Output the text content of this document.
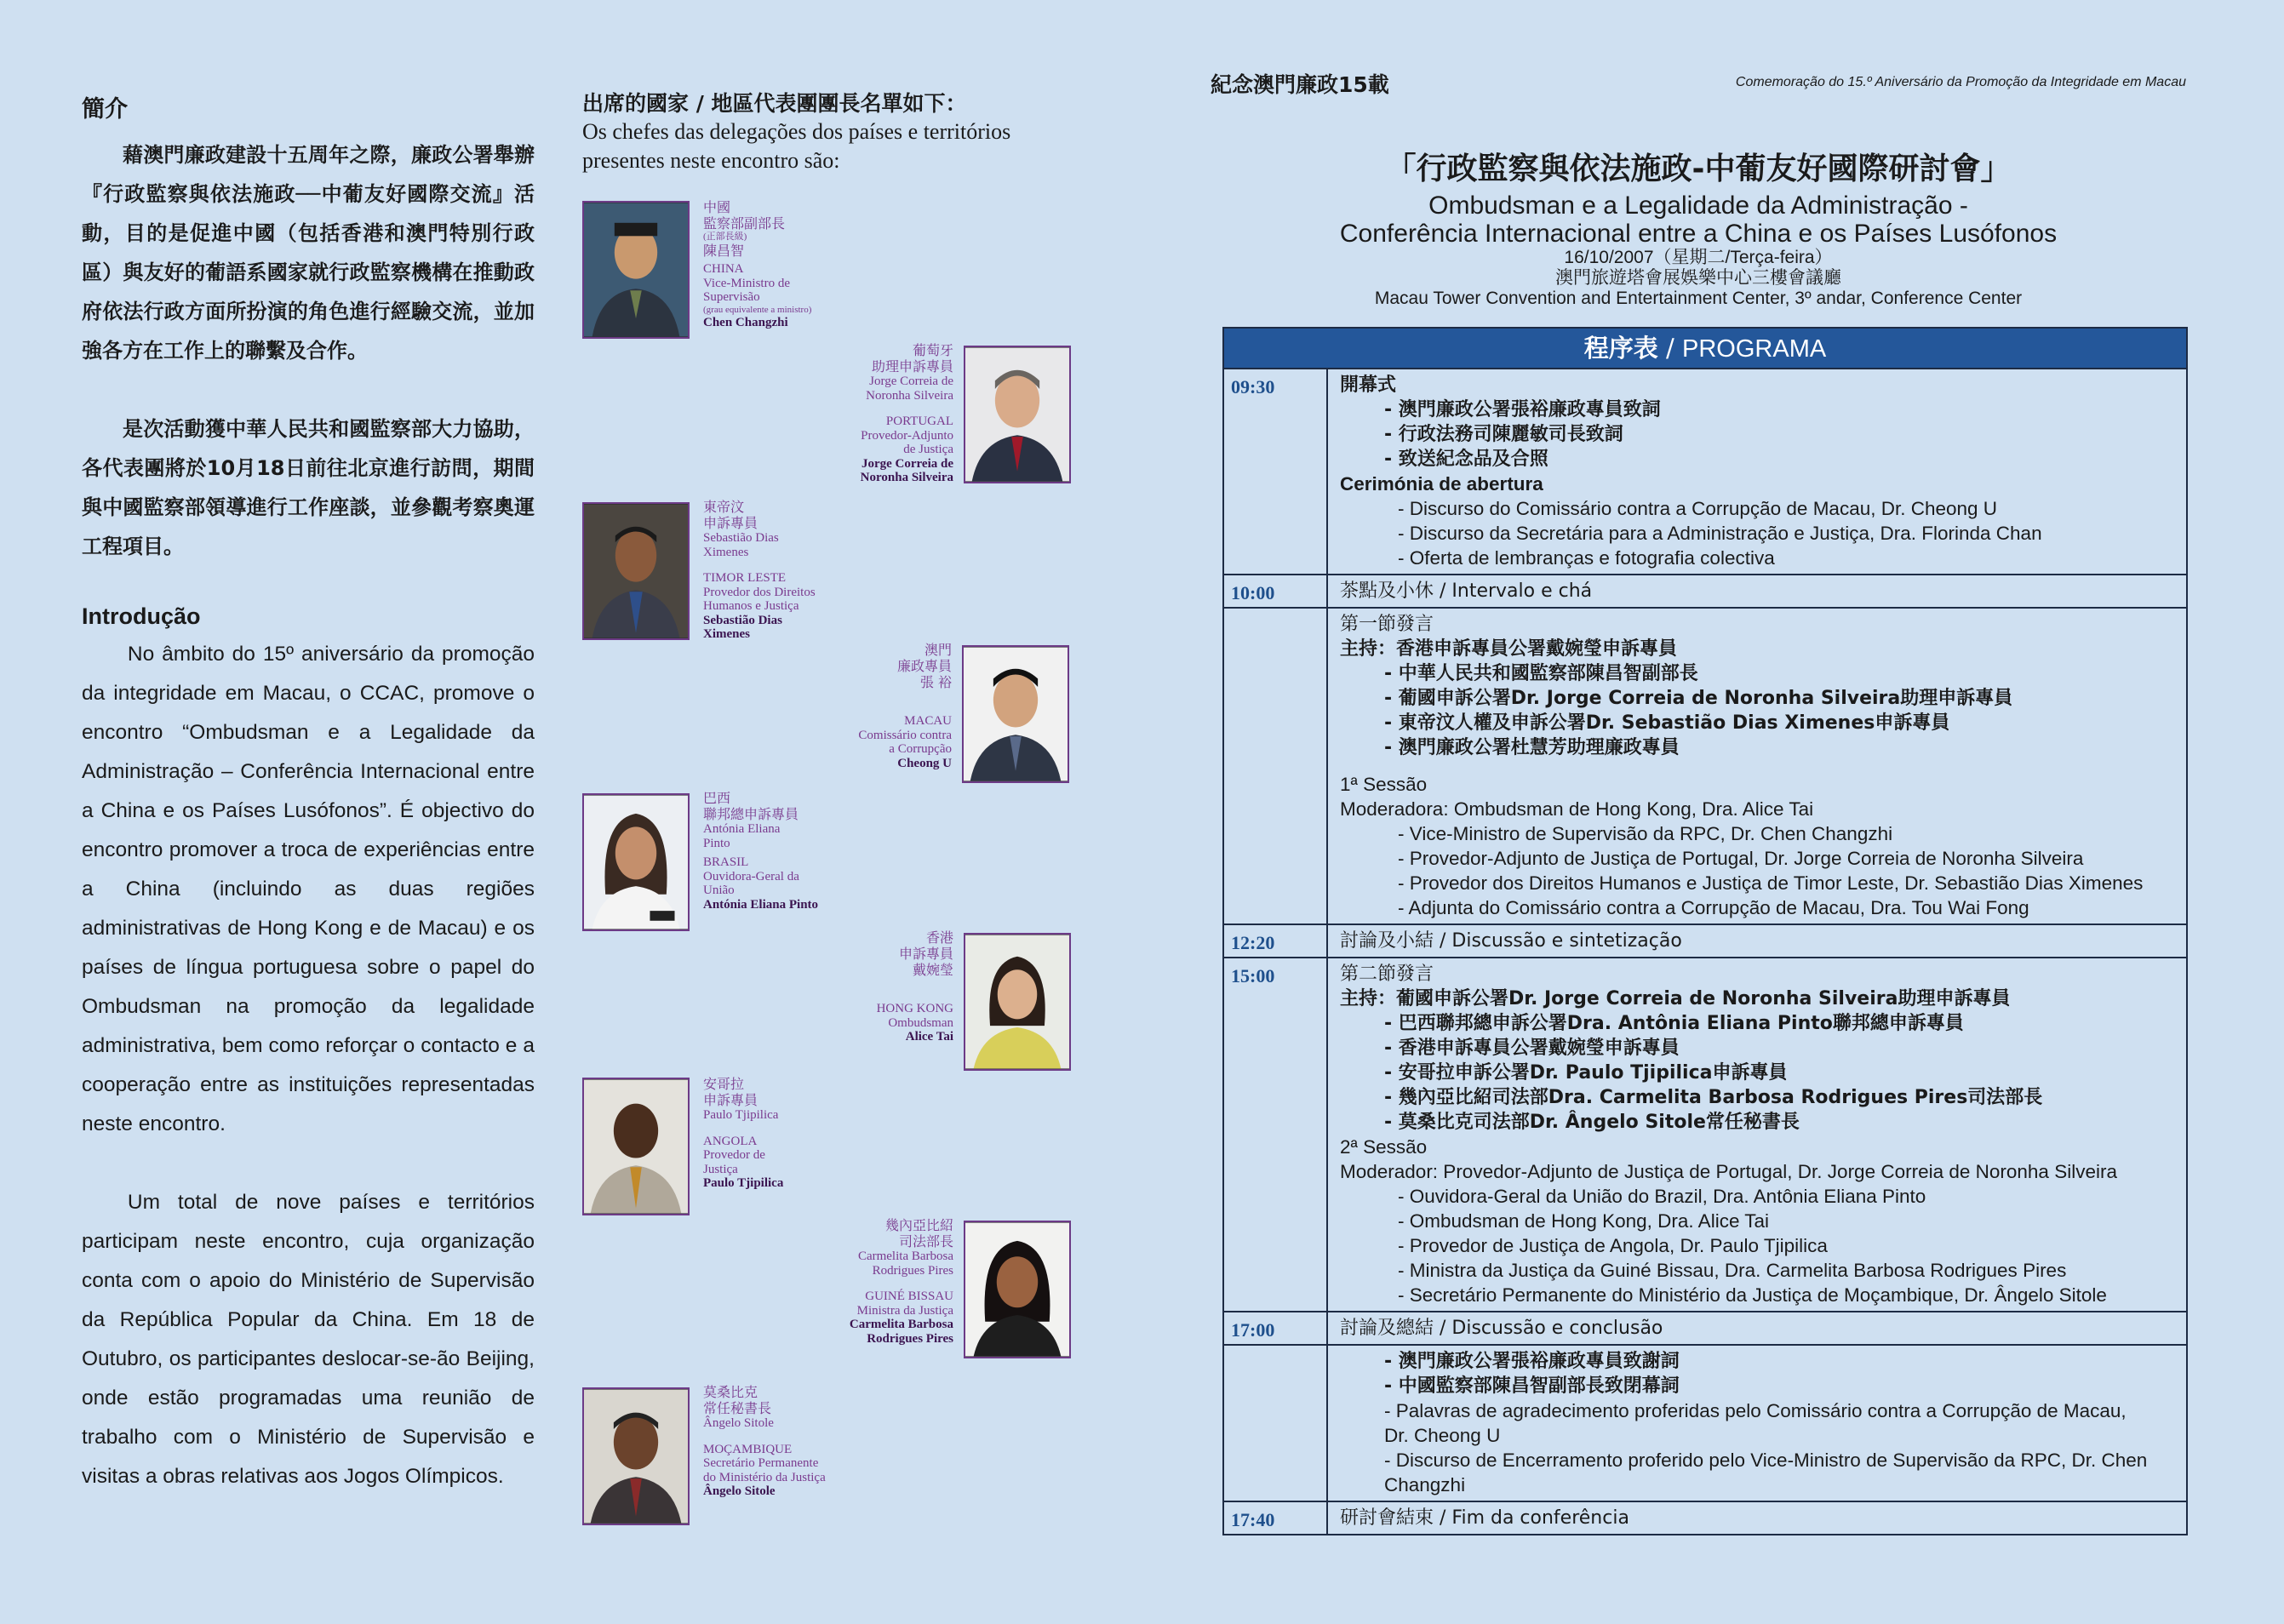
簡介

藉澳門廉政建設十五周年之際，廉政公署舉辦『行政監察與依法施政──中葡友好國際交流』活動，目的是促進中國（包括香港和澳門特別行政區）與友好的葡語系國家就行政監察機構在推動政府依法行政方面所扮演的角色進行經驗交流，並加強各方在工作上的聯繫及合作。

是次活動獲中華人民共和國監察部大力協助，各代表團將於10月18日前往北京進行訪問，期間與中國監察部領導進行工作座談，並參觀考察奧運工程項目。

Introdução

No âmbito do 15º aniversário da promoção da integridade em Macau, o CCAC, promove o encontro “Ombudsman e a Legalidade da Administração – Conferência Internacional entre a China e os Países Lusófonos”. É objectivo do encontro promover a troca de experiências entre a China (incluindo as duas regiões administrativas de Hong Kong e de Macau) e os países de língua portuguesa sobre o papel do Ombudsman na promoção da legalidade administrativa, bem como reforçar o contacto e a cooperação entre as instituições representadas neste encontro.

Um total de nove países e territórios participam neste encontro, cuja organização conta com o apoio do Ministério de Supervisão da República Popular da China. Em 18 de Outubro, os participantes deslocar-se-ão Beijing, onde estão programadas uma reunião de trabalho com o Ministério de Supervisão e visitas a obras relativas aos Jogos Olímpicos.

出席的國家 / 地區代表團團長名單如下：

Os chefes das delegações dos países e territórios presentes neste encontro são:

中國
監察部副部長
(正部長級)
陳昌智
CHINA
Vice-Ministro de
Supervisão
(grau equivalente a ministro)
Chen Changzhi
葡萄牙
助理申訴專員
Jorge Correia de
Noronha Silveira
PORTUGAL
Provedor-Adjunto
de Justiça
Jorge Correia de
Noronha Silveira
東帝汶
申訴專員
Sebastião Dias
Ximenes
TIMOR LESTE
Provedor dos Direitos
Humanos e Justiça
Sebastião Dias
Ximenes
澳門
廉政專員
張 裕
MACAU
Comissário contra
a Corrupção
Cheong U
巴西
聯邦總申訴專員
Antónia Eliana
Pinto
BRASIL
Ouvidora-Geral da
União
Antónia Eliana Pinto
香港
申訴專員
戴婉瑩
HONG KONG
Ombudsman
Alice Tai
安哥拉
申訴專員
Paulo Tjipilica
ANGOLA
Provedor de
Justiça
Paulo Tjipilica
幾內亞比紹
司法部長
Carmelita Barbosa
Rodrigues Pires
GUINÉ BISSAU
Ministra da Justiça
Carmelita Barbosa
Rodrigues Pires
莫桑比克
常任秘書長
Ângelo Sitole
MOÇAMBIQUE
Secretário Permanente
do Ministério da Justiça
Ângelo Sitole
紀念澳門廉政15載	Comemoração do 15.º Aniversário da Promoção da Integridade em Macau

「行政監察與依法施政-中葡友好國際研討會」

Ombudsman e a Legalidade da Administração -

Conferência Internacional entre a China e os Países Lusófonos

16/10/2007（星期二/Terça-feira）

澳門旅遊塔會展娛樂中心三樓會議廳

Macau Tower Convention and Entertainment Center, 3º andar, Conference Center

程序表 / PROGRAMA
09:30	開幕式
- 澳門廉政公署張裕廉政專員致詞
- 行政法務司陳麗敏司長致詞
- 致送紀念品及合照
Cerimónia de abertura
- Discurso do Comissário contra a Corrupção de Macau, Dr. Cheong U
- Discurso da Secretária para a Administração e Justiça, Dra. Florinda Chan
- Oferta de lembranças e fotografia colectiva
10:00	茶點及小休 / Intervalo e chá
第一節發言
主持：香港申訴專員公署戴婉瑩申訴專員
- 中華人民共和國監察部陳昌智副部長
- 葡國申訴公署Dr. Jorge Correia de Noronha Silveira助理申訴專員
- 東帝汶人權及申訴公署Dr. Sebastião Dias Ximenes申訴專員
- 澳門廉政公署杜慧芳助理廉政專員
1ª Sessão
Moderadora: Ombudsman de Hong Kong, Dra. Alice Tai
- Vice-Ministro de Supervisão da RPC, Dr. Chen Changzhi
- Provedor-Adjunto de Justiça de Portugal, Dr. Jorge Correia de Noronha Silveira
- Provedor dos Direitos Humanos e Justiça de Timor Leste, Dr. Sebastião Dias Ximenes
- Adjunta do Comissário contra a Corrupção de Macau, Dra. Tou Wai Fong
12:20	討論及小結 / Discussão e sintetização
15:00	第二節發言
主持：葡國申訴公署Dr. Jorge Correia de Noronha Silveira助理申訴專員
- 巴西聯邦總申訴公署Dra. Antônia Eliana Pinto聯邦總申訴專員
- 香港申訴專員公署戴婉瑩申訴專員
- 安哥拉申訴公署Dr. Paulo Tjipilica申訴專員
- 幾內亞比紹司法部Dra. Carmelita Barbosa Rodrigues Pires司法部長
- 莫桑比克司法部Dr. Ângelo Sitole常任秘書長
2ª Sessão
Moderador: Provedor-Adjunto de Justiça de Portugal, Dr. Jorge Correia de Noronha Silveira
- Ouvidora-Geral da União do Brazil, Dra. Antônia Eliana Pinto
- Ombudsman de Hong Kong, Dra. Alice Tai
- Provedor de Justiça de Angola, Dr. Paulo Tjipilica
- Ministra da Justiça da Guiné Bissau, Dra. Carmelita Barbosa Rodrigues Pires
- Secretário Permanente do Ministério da Justiça de Moçambique, Dr. Ângelo Sitole
17:00	討論及總結 / Discussão e conclusão
- 澳門廉政公署張裕廉政專員致謝詞
- 中國監察部陳昌智副部長致閉幕詞
- Palavras de agradecimento proferidas pelo Comissário contra a Corrupção de Macau,
Dr. Cheong U
- Discurso de Encerramento proferido pelo Vice-Ministro de Supervisão da RPC, Dr. Chen
Changzhi
17:40	研討會結束 / Fim da conferência
